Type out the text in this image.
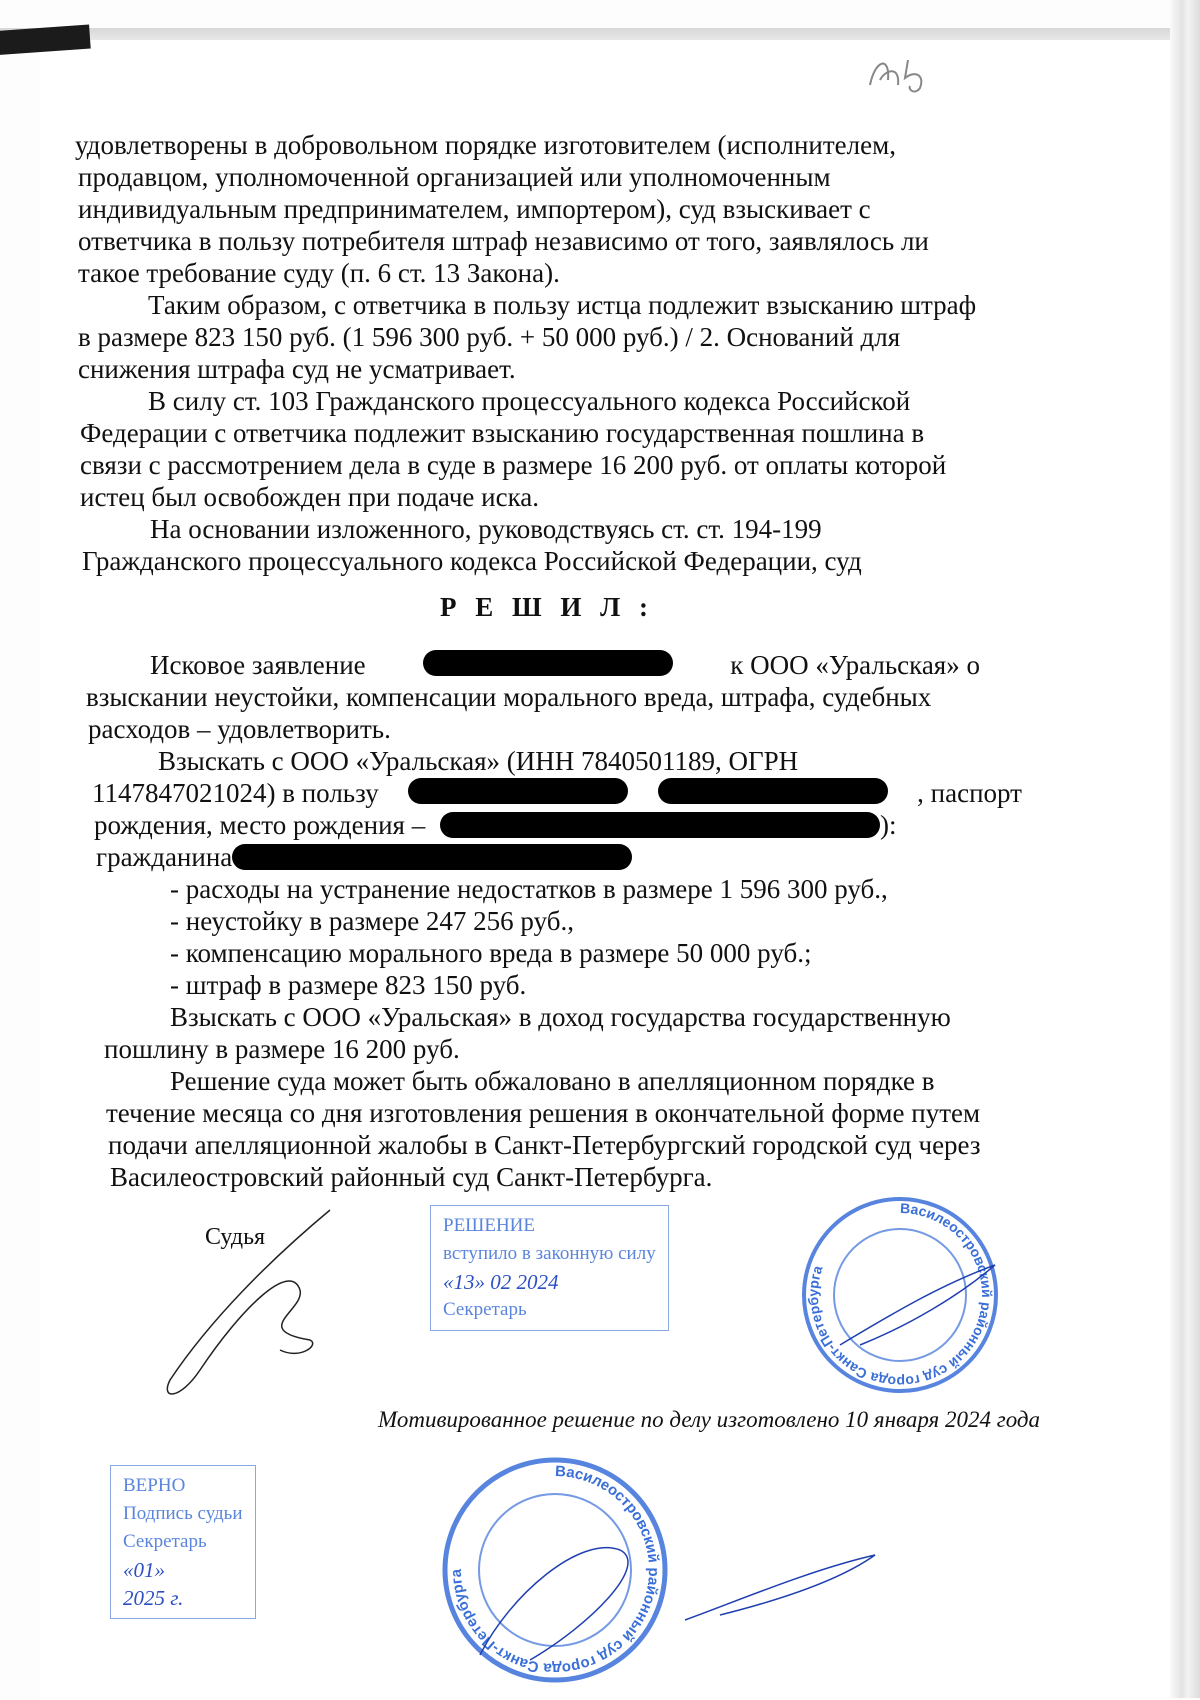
удовлетворены в добровольном порядке изготовителем (исполнителем,
продавцом, уполномоченной организацией или уполномоченным
индивидуальным предпринимателем, импортером), суд взыскивает с
ответчика в пользу потребителя штраф независимо от того, заявлялось ли
такое требование суду (п. 6 ст. 13 Закона).
Таким образом, с ответчика в пользу истца подлежит взысканию штраф
в размере 823 150 руб. (1 596 300 руб. + 50 000 руб.) / 2. Оснований для
снижения штрафа суд не усматривает.
В силу ст. 103 Гражданского процессуального кодекса Российской
Федерации с ответчика подлежит взысканию государственная пошлина в
связи с рассмотрением дела в суде в размере 16 200 руб. от оплаты которой
истец был освобожден при подаче иска.
На основании изложенного, руководствуясь ст. ст. 194-199
Гражданского процессуального кодекса Российской Федерации, суд
Р Е Ш И Л :
Исковое заявление	к ООО «Уральская» о
взыскании неустойки, компенсации морального вреда, штрафа, судебных
расходов – удовлетворить.
Взыскать с ООО «Уральская» (ИНН 7840501189, ОГРН
1147847021024) в пользу	, паспорт
рождения, место рождения –	):
гражданина
- расходы на устранение недостатков в размере 1 596 300 руб.,
- неустойку в размере 247 256 руб.,
- компенсацию морального вреда в размере 50 000 руб.;
- штраф в размере 823 150 руб.
Взыскать с ООО «Уральская» в доход государства государственную
пошлину в размере 16 200 руб.
Решение суда может быть обжаловано в апелляционном порядке в
течение месяца со дня изготовления решения в окончательной форме путем
подачи апелляционной жалобы в Санкт-Петербургский городской суд через
Василеостровский районный суд Санкт-Петербурга.
Судья	РЕШЕНИЕ
вступило в законную силу
«13» 02 2024
Секретарь
Василеостровский районный суд города Санкт-Петербурга
Мотивированное решение по делу изготовлено 10 января 2024 года
ВЕРНО
Подпись судьи
Секретарь
«01»
2025 г.
Василеостровский районный суд города Санкт-Петербурга
